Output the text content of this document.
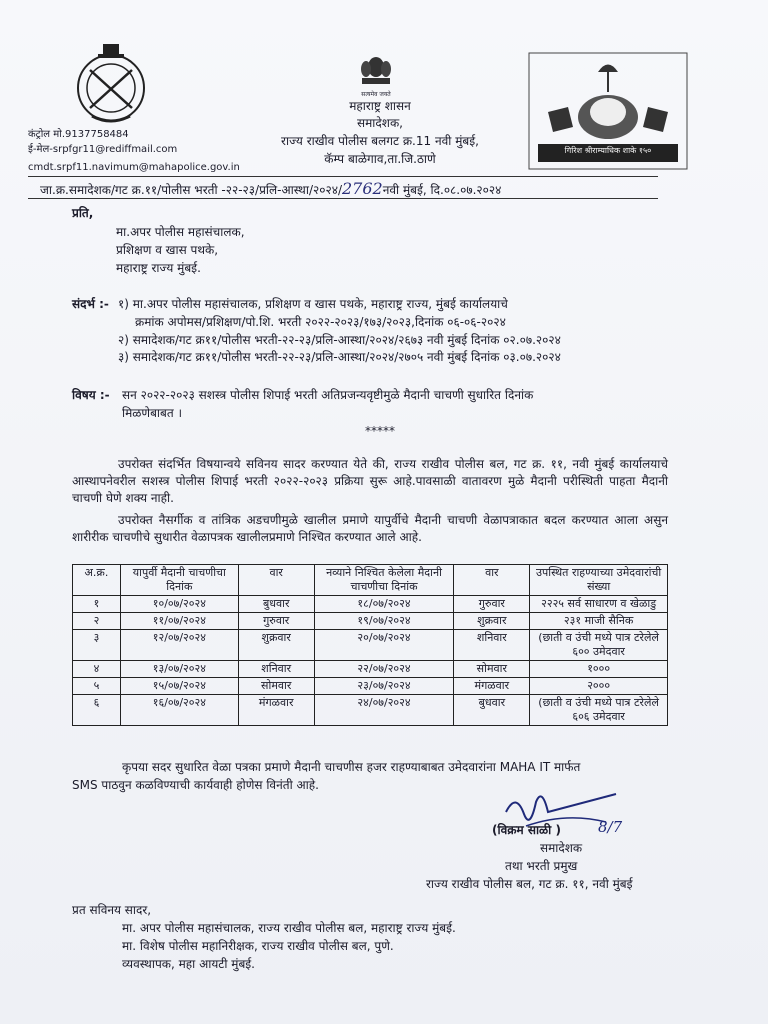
सत्यमेव जयते
गिरिश श्रीराम्याधिक शाके १५०
कंट्रोल मो.9137758484
ई-मेल-srpfgr11@rediffmail.com
cmdt.srpf11.navimum@mahapolice.gov.in
महाराष्ट्र शासन
समादेशक,
राज्य राखीव पोलीस बलगट क्र.11 नवी मुंबई,
कॅम्प बाळेगाव,ता.जि.ठाणे
जा.क्र.समादेशक/गट क्र.११/पोलीस भरती -२२-२३/प्रलि-आस्था/२०२४/2762नवी मुंबई, दि.०८.०७.२०२४
प्रति,
मा.अपर पोलीस महासंचालक,
प्रशिक्षण व खास पथके,
महाराष्ट्र राज्य मुंबई.
संदर्भ :- १) मा.अपर पोलीस महासंचालक, प्रशिक्षण व खास पथके, महाराष्ट्र राज्य, मुंबई कार्यालयाचे
क्रमांक अपोमस/प्रशिक्षण/पो.शि. भरती २०२२-२०२३/१७३/२०२३,दिनांक ०६-०६-२०२४
२) समादेशक/गट क्र११/पोलीस भरती-२२-२३/प्रलि-आस्था/२०२४/२६७३ नवी मुंबई दिनांक ०२.०७.२०२४
३) समादेशक/गट क्र११/पोलीस भरती-२२-२३/प्रलि-आस्था/२०२४/२७०५ नवी मुंबई दिनांक ०३.०७.२०२४
विषय :- सन २०२२-२०२३ सशस्त्र पोलीस शिपाई भरती अतिप्रजन्यवृष्टीमुळे मैदानी चाचणी सुधारित दिनांक
मिळणेबाबत ।
*****
उपरोक्त संदर्भित विषयान्वये सविनय सादर करण्यात येते की, राज्य राखीव पोलीस बल, गट क्र. ११, नवी मुंबई कार्यालयाचे आस्थापनेवरील सशस्त्र पोलीस शिपाई भरती २०२२-२०२३ प्रक्रिया सुरू आहे.पावसाळी वातावरण मुळे मैदानी परीस्थिती पाहता मैदानी चाचणी घेणे शक्य नाही.
उपरोक्त नैसर्गीक व तांत्रिक अडचणीमुळे खालील प्रमाणे यापुर्वीचे मैदानी चाचणी वेळापत्राकात बदल करण्यात आला असुन शारीरीक चाचणीचे सुधारीत वेळापत्रक खालीलप्रमाणे निश्चित करण्यात आले आहे.
अ.क्र.	यापुर्वी मैदानी चाचणीचा दिनांक	वार	नव्याने निश्चित केलेला मैदानी चाचणीचा दिनांक	वार	उपस्थित राहण्याच्या उमेदवारांची संख्या
१	१०/०७/२०२४	बुधवार	१८/०७/२०२४	गुरुवार	२२२५ सर्व साधारण व खेळाडु
२	११/०७/२०२४	गुरुवार	१९/०७/२०२४	शुक्रवार	२३१ माजी सैनिक
३	१२/०७/२०२४	शुक्रवार	२०/०७/२०२४	शनिवार	(छाती व उंची मध्ये पात्र टरेलेले ६०० उमेदवार
४	१३/०७/२०२४	शनिवार	२२/०७/२०२४	सोमवार	१०००
५	१५/०७/२०२४	सोमवार	२३/०७/२०२४	मंगळवार	२०००
६	१६/०७/२०२४	मंगळवार	२४/०७/२०२४	बुधवार	(छाती व उंची मध्ये पात्र टरेलेले ६०६ उमेदवार
कृपया सदर सुधारित वेळा पत्रका प्रमाणे मैदानी चाचणीस हजर राहण्याबाबत उमेदवारांना MAHA IT मार्फत
SMS पाठवुन कळविण्याची कार्यवाही होणेस विनंती आहे.
(विक्रम साळी ) 8/7
समादेशक
तथा भरती प्रमुख
राज्य राखीव पोलीस बल, गट क्र. ११, नवी मुंबई
प्रत सविनय सादर,
मा. अपर पोलीस महासंचालक, राज्य राखीव पोलीस बल, महाराष्ट्र राज्य मुंबई.
मा. विशेष पोलीस महानिरीक्षक, राज्य राखीव पोलीस बल, पुणे.
व्यवस्थापक, महा आयटी मुंबई.
